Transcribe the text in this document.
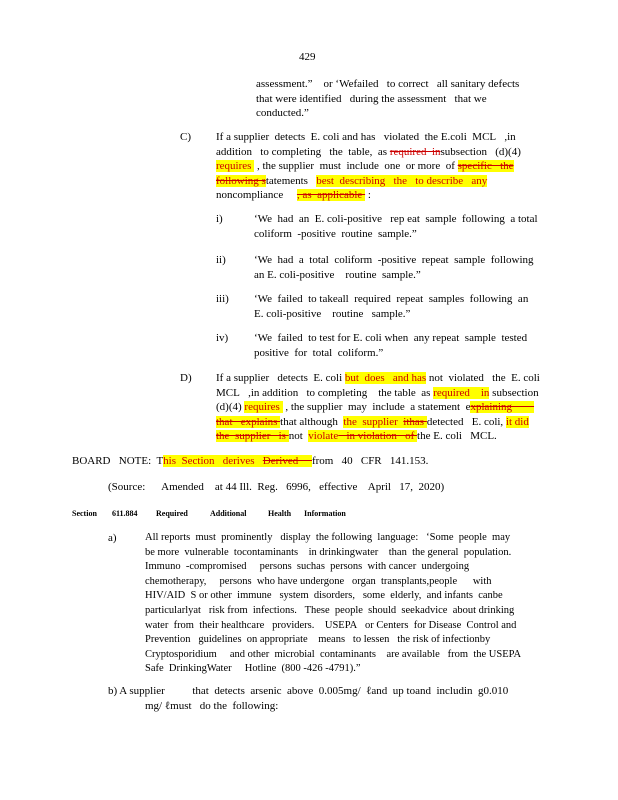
429

assessment.”    or ‘Wefailed   to correct   all sanitary defects

that were identified   during the assessment   that we

conducted.”

C) If a supplier  detects  E. coli and has   violated  the E.coli  MCL   ,in

addition   to completing   the  table,  as required  insubsection   (d)(4)

requires  , the supplier  must  include  one  or more  of specific   the

following statements   best  describing   the   to describe   any

noncompliance     , as  applicable  :

i)	‘We  had  an  E. coli-positive   rep eat  sample  following  a total

coliform  -positive  routine  sample.”

ii)	‘We  had  a  total  coliform  -positive  repeat  sample  following

an E. coli-positive    routine  sample.”

iii) ‘We  failed  to takeall  required  repeat  samples  following  an

E. coli-positive    routine   sample.”

iv) ‘We  failed  to test for E. coli when  any repeat  sample  tested

positive  for  total  coliform.”

D) If a supplier   detects  E. coli but  does   and has not  violated   the  E. coli

MCL   ,in addition   to completing    the table  as required    in subsection

(d)(4) requires  , the supplier  may  include  a statement  explaining

that   explains that although  the  supplier  ithas detected   E. coli, it did

the  supplier   is not  violate   in violation   of the E. coli   MCL.

BOARD   NOTE:  This  Section   derives   Derived     from   40   CFR   141.153.
(Source:      Amended    at 44 Ill.  Reg.   6996,   effective    April   17,  2020)
Section 611.884 Required	Additional	Health Information
a)	All reports  must  prominently   display  the following  language:   ‘Some  people  may

be more  vulnerable  tocontaminants    in drinkingwater    than  the general  population.

Immuno  -compromised     persons  suchas  persons  with cancer  undergoing

chemotherapy,     persons  who have undergone   organ  transplants,people      with

HIV/AID  S or other  immune   system  disorders,   some  elderly,  and infants  canbe

particularlyat   risk from  infections.   These  people  should  seekadvice  about drinking

water  from  their healthcare   providers.    USEPA   or Centers  for Disease  Control and

Prevention   guidelines  on appropriate    means   to lessen   the risk of infectionby

Cryptosporidium     and other  microbial  contaminants    are available   from  the USEPA

Safe  DrinkingWater     Hotline  (800 -426 -4791).”

b) A supplier          that  detects  arsenic  above  0.005mg/  ℓand  up toand  includin  g0.010

mg/ ℓmust   do the  following:
